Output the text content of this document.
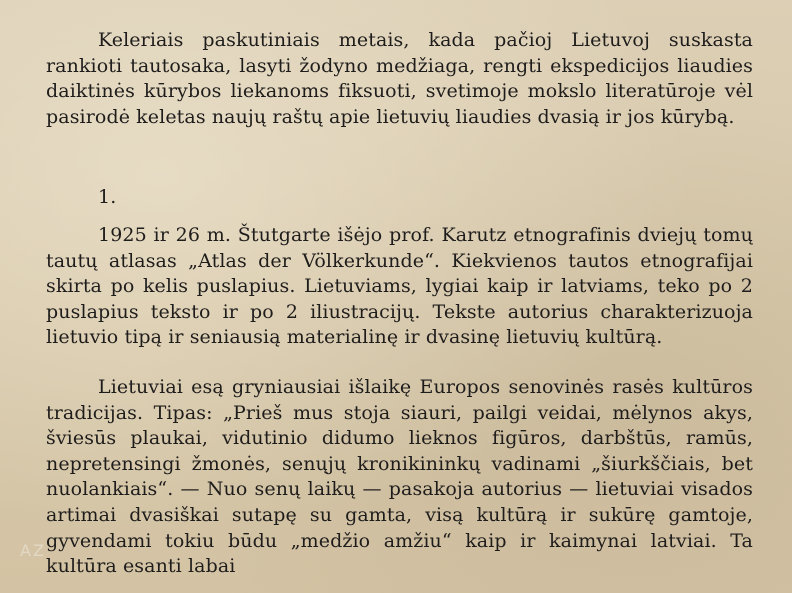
Keleriais paskutiniais metais, kada pačioj Lietuvoj suskasta rankioti tautosaka, lasyti žodyno medžiaga, rengti ekspedicijos liaudies daiktinės kūrybos liekanoms fiksuoti, svetimoje mokslo literatūroje vėl pasirodė keletas naujų raštų apie lietuvių liaudies dvasią ir jos kūrybą.

1.

1925 ir 26 m. Štutgarte išėjo prof. Karutz etnografinis dviejų tomų tautų atlasas „Atlas der Völkerkunde“. Kiekvienos tautos etnografijai skirta po kelis puslapius. Lietuviams, lygiai kaip ir latviams, teko po 2 puslapius teksto ir po 2 iliustracijų. Tekste autorius charakterizuoja lietuvio tipą ir seniausią materialinę ir dvasinę lietuvių kultūrą.

Lietuviai esą gryniausiai išlaikę Europos senovinės rasės kultūros tradicijas. Tipas: „Prieš mus stoja siauri, pailgi veidai, mėlynos akys, šviesūs plaukai, vidutinio didumo lieknos figūros, darbštūs, ramūs, nepretensingi žmonės, senųjų kronikininkų vadinami „šiurkščiais, bet nuolankiais“. — Nuo senų laikų — pasakoja autorius — lietuviai visados artimai dvasiškai sutapę su gamta, visą kultūrą ir sukūrę gamtoje, gyvendami tokiu būdu „medžio amžiu“ kaip ir kaimynai latviai. Ta kultūra esanti labai

AZ
